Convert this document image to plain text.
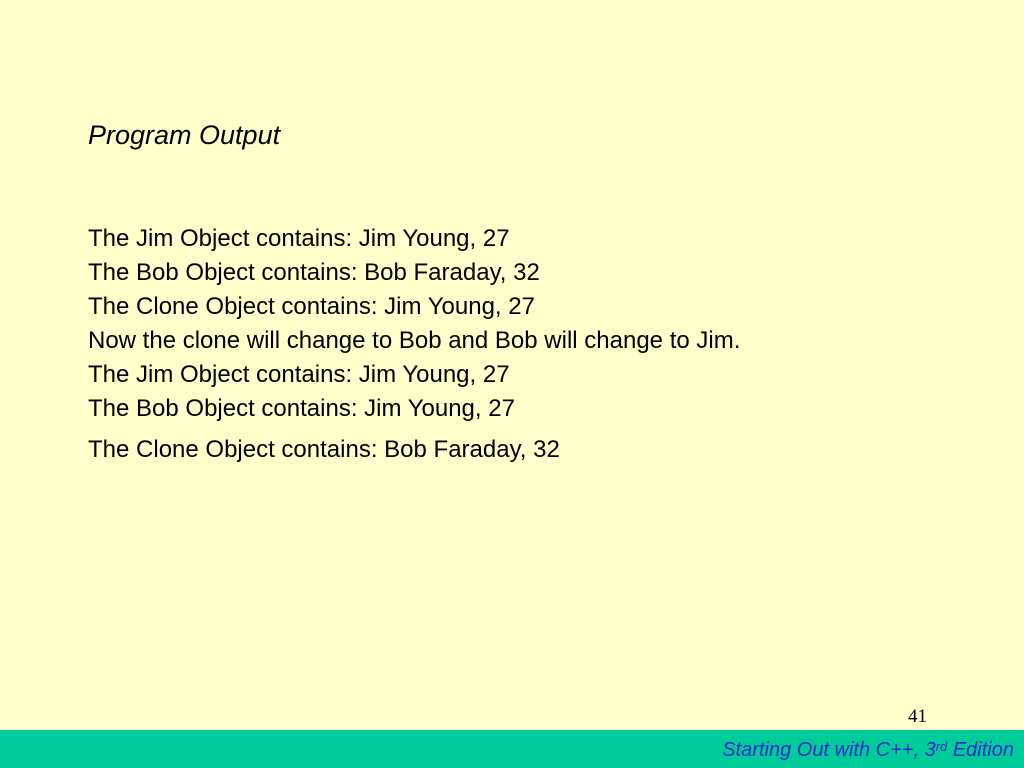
Program Output
The Jim Object contains: Jim Young, 27
The Bob Object contains: Bob Faraday, 32
The Clone Object contains: Jim Young, 27
Now the clone will change to Bob and Bob will change to Jim.
The Jim Object contains: Jim Young, 27
The Bob Object contains: Jim Young, 27
The Clone Object contains: Bob Faraday, 32
41
Starting Out with C++, 3rd Edition
